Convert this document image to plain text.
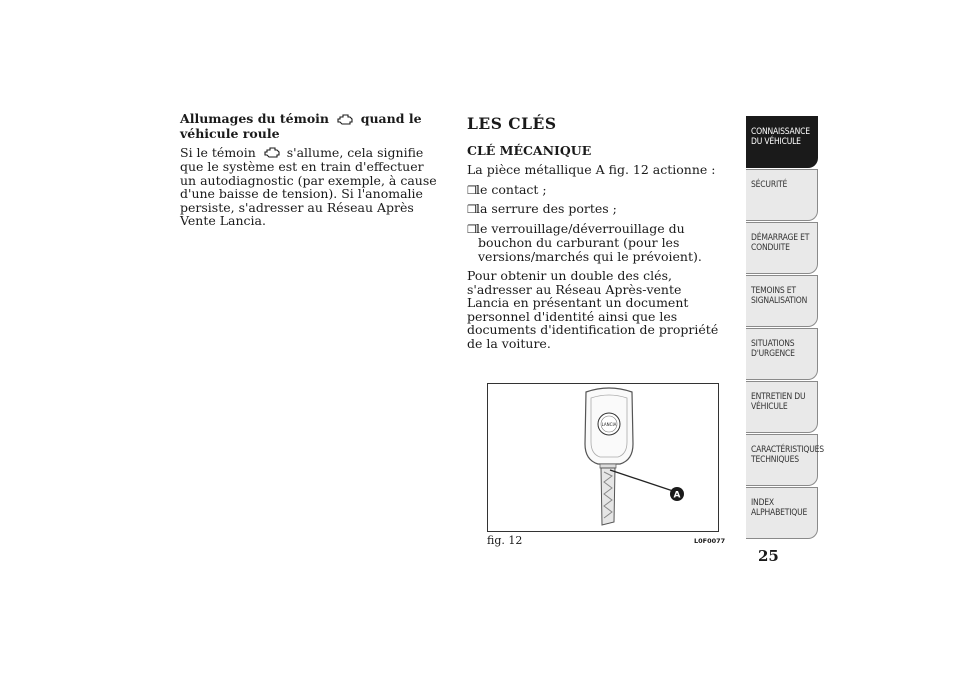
Allumages du témoin	quand le véhicule roule

Si le témoin s'allume, cela signifie que le système est en train d'effectuer un autodiagnostic (par exemple, à cause d'une baisse de tension). Si l'anomalie persiste, s'adresser au Réseau Après Vente Lancia.

LES CLÉS
CLÉ MÉCANIQUE

La pièce métallique A fig. 12 actionne :

❒le contact ;
❒la serrure des portes ;
❒le verrouillage/déverrouillage du bouchon du carburant (pour les versions/marchés qui le prévoient).

Pour obtenir un double des clés, s'adresser au Réseau Après-vente Lancia en présentant un document personnel d'identité ainsi que les documents d'identification de propriété de la voiture.

LANCIA
A
fig. 12	L0F0077
CONNAISSANCE DU VÉHICULE
SÉCURITÉ
DÉMARRAGE ET CONDUITE
TEMOINS ET SIGNALISATION
SITUATIONS D'URGENCE
ENTRETIEN DU VÉHICULE
CARACTÉRISTIQUES TECHNIQUES
INDEX ALPHABETIQUE
25
